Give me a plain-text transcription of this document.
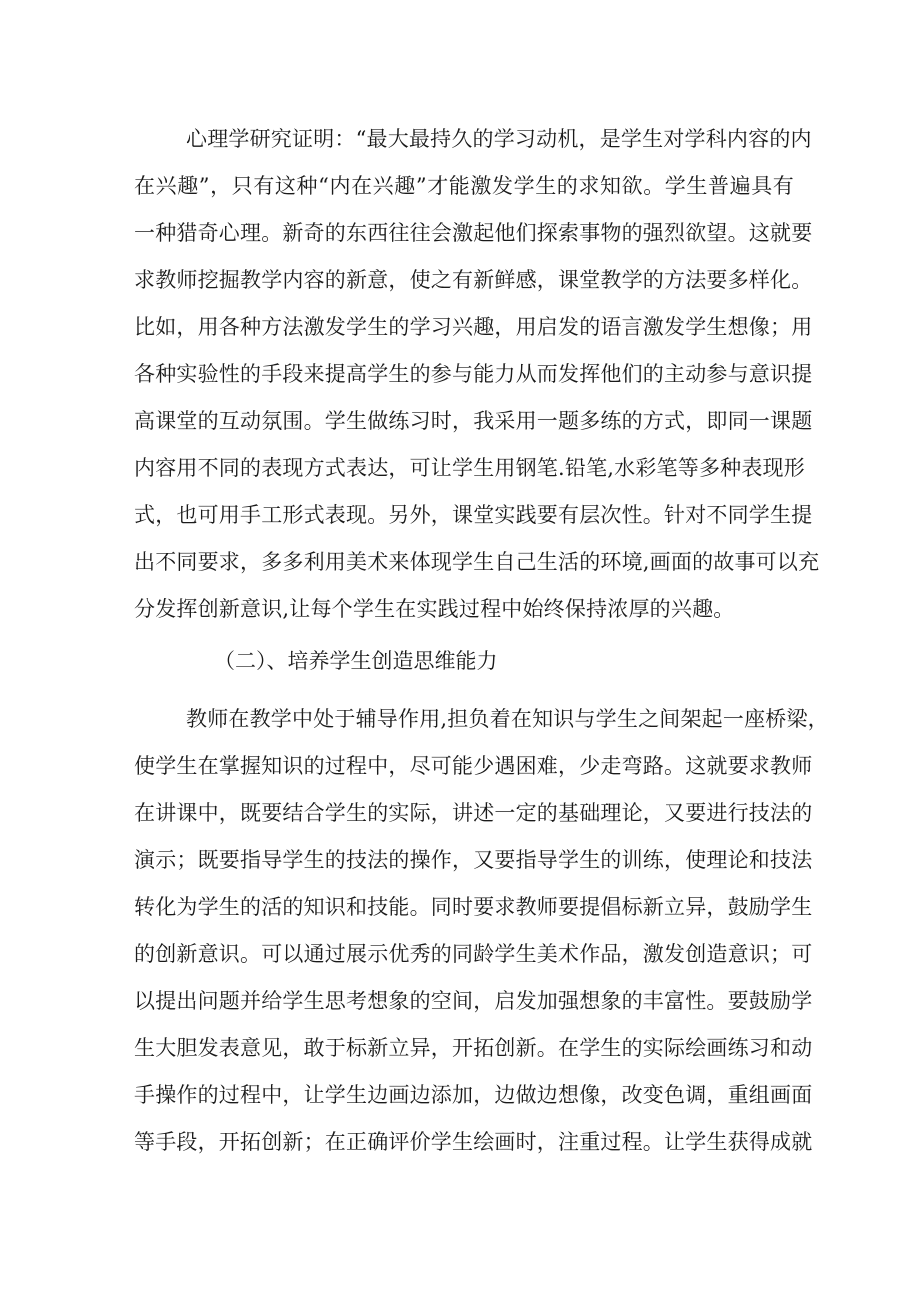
心理学研究证明：“最大最持久的学习动机，是学生对学科内容的内
在兴趣”，只有这种“内在兴趣”才能激发学生的求知欲。学生普遍具有
一种猎奇心理。新奇的东西往往会激起他们探索事物的强烈欲望。这就要
求教师挖掘教学内容的新意，使之有新鲜感，课堂教学的方法要多样化。
比如，用各种方法激发学生的学习兴趣，用启发的语言激发学生想像；用
各种实验性的手段来提高学生的参与能力从而发挥他们的主动参与意识提
高课堂的互动氛围。学生做练习时，我采用一题多练的方式，即同一课题
内容用不同的表现方式表达，可让学生用钢笔.铅笔,水彩笔等多种表现形
式，也可用手工形式表现。另外，课堂实践要有层次性。针对不同学生提
出不同要求，多多利用美术来体现学生自己生活的环境,画面的故事可以充
分发挥创新意识,让每个学生在实践过程中始终保持浓厚的兴趣。
（二）、培养学生创造思维能力
教师在教学中处于辅导作用,担负着在知识与学生之间架起一座桥梁，
使学生在掌握知识的过程中，尽可能少遇困难，少走弯路。这就要求教师
在讲课中，既要结合学生的实际，讲述一定的基础理论，又要进行技法的
演示；既要指导学生的技法的操作，又要指导学生的训练，使理论和技法
转化为学生的活的知识和技能。同时要求教师要提倡标新立异，鼓励学生
的创新意识。可以通过展示优秀的同龄学生美术作品，激发创造意识；可
以提出问题并给学生思考想象的空间，启发加强想象的丰富性。要鼓励学
生大胆发表意见，敢于标新立异，开拓创新。在学生的实际绘画练习和动
手操作的过程中，让学生边画边添加，边做边想像，改变色调，重组画面
等手段，开拓创新；在正确评价学生绘画时，注重过程。让学生获得成就
